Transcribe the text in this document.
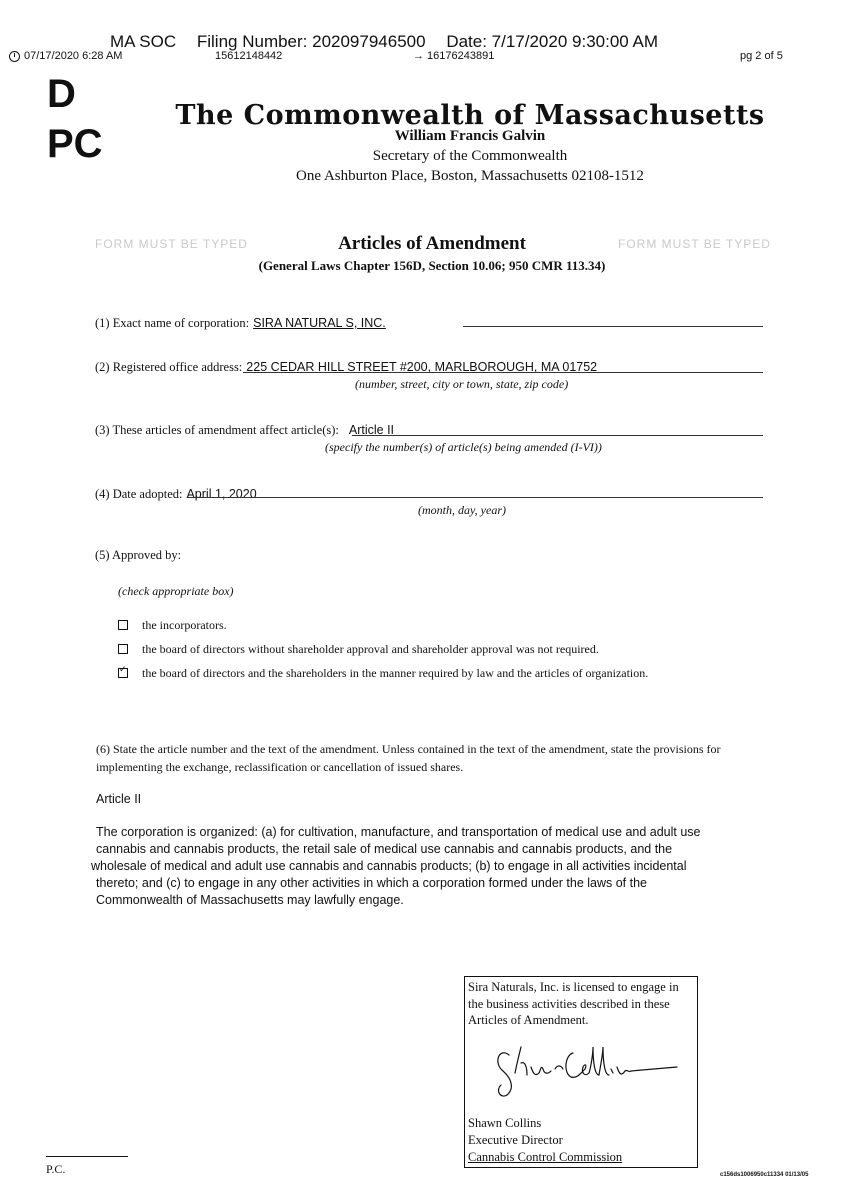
MA SOC Filing Number: 202097946500 Date: 7/17/2020 9:30:00 AM
07/17/2020 6:28 AM	15612148442	→ 16176243891	pg 2 of 5
D
PC
The Commonwealth of Massachusetts
William Francis Galvin
Secretary of the Commonwealth
One Ashburton Place, Boston, Massachusetts 02108-1512
FORM MUST BE TYPED	FORM MUST BE TYPED
Articles of Amendment
(General Laws Chapter 156D, Section 10.06; 950 CMR 113.34)
(1) Exact name of corporation: SIRA NATURAL S, INC.
(2) Registered office address: 225 CEDAR HILL STREET #200, MARLBOROUGH, MA 01752
(number, street, city or town, state, zip code)
(3) These articles of amendment affect article(s): Article II
(specify the number(s) of article(s) being amended (I-VI))
(4) Date adopted: April 1, 2020
(month, day, year)
(5) Approved by:
(check appropriate box)
the incorporators.
the board of directors without shareholder approval and shareholder approval was not required.
✓the board of directors and the shareholders in the manner required by law and the articles of organization.
(6) State the article number and the text of the amendment. Unless contained in the text of the amendment, state the provisions for implementing the exchange, reclassification or cancellation of issued shares.
Article II
The corporation is organized: (a) for cultivation, manufacture, and transportation of medical use and adult use
cannabis and cannabis products, the retail sale of medical use cannabis and cannabis products, and the
wholesale of medical and adult use cannabis and cannabis products; (b) to engage in all activities incidental
thereto; and (c) to engage in any other activities in which a corporation formed under the laws of the
Commonwealth of Massachusetts may lawfully engage.
Sira Naturals, Inc. is licensed to engage in
the business activities described in these
Articles of Amendment.
Shawn Collins
Executive Director
Cannabis Control Commission
P.C.	c156ds1006950c11334 01/13/05
